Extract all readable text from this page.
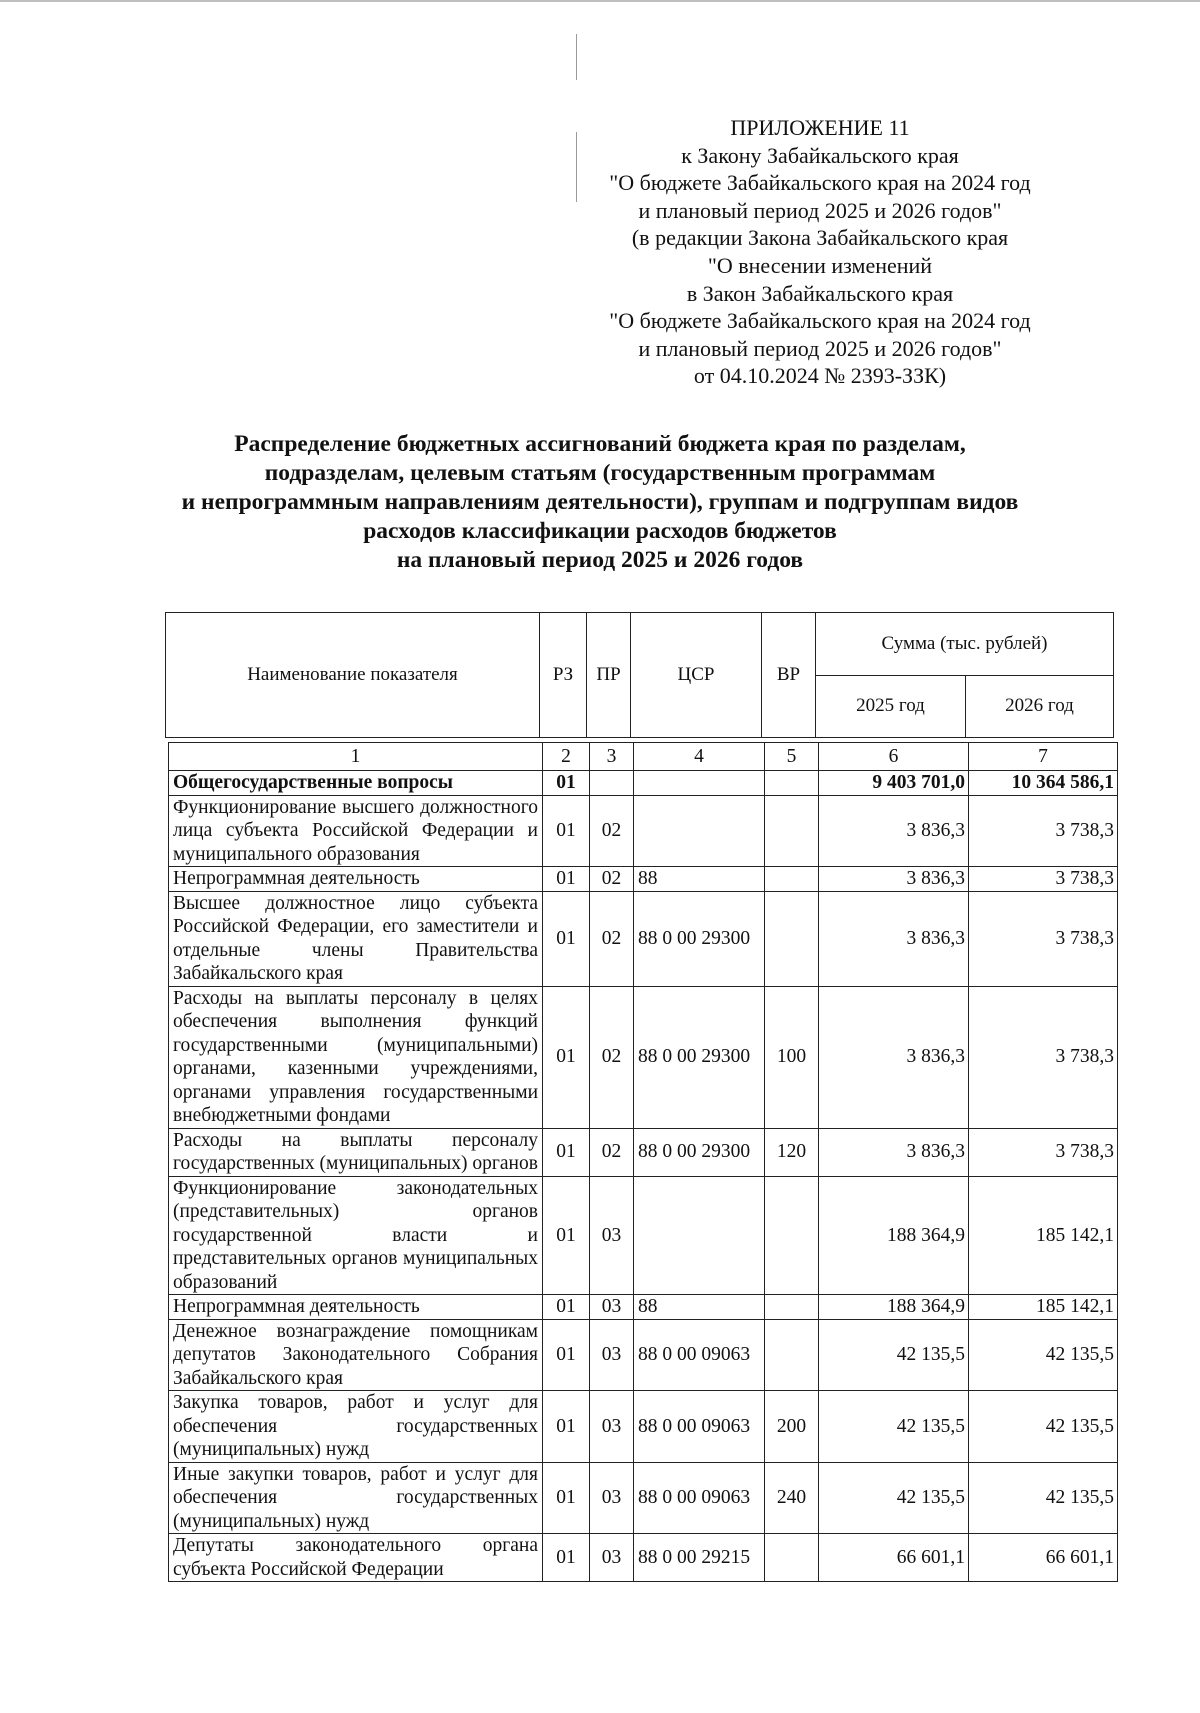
ПРИЛОЖЕНИЕ 11
к Закону Забайкальского края
"О бюджете Забайкальского края на 2024 год
и плановый период 2025 и 2026 годов"
(в редакции Закона Забайкальского края
"О внесении изменений
в Закон Забайкальского края
"О бюджете Забайкальского края на 2024 год
и плановый период 2025 и 2026 годов"
от 04.10.2024 № 2393-ЗЗК)
Распределение бюджетных ассигнований бюджета края по разделам,
подразделам, целевым статьям (государственным программам
и непрограммным направлениям деятельности), группам и подгруппам видов
расходов классификации расходов бюджетов
на плановый период 2025 и 2026 годов
Наименование показателя	РЗ	ПР	ЦСР	ВР	Сумма (тыс. рублей)	
					2025 год	2026 год
1	2	3	4	5	6	7
Общегосударственные вопросы	01				9 403 701,0	10 364 586,1
Функционирование высшего должностного лица субъекта Российской Федерации и муниципального образования	01	02			3 836,3	3 738,3
Непрограммная деятельность	01	02	88		3 836,3	3 738,3
Высшее должностное лицо субъекта Российской Федерации, его заместители и отдельные члены Правительства Забайкальского края	01	02	88 0 00 29300		3 836,3	3 738,3
Расходы на выплаты персоналу в целях обеспечения выполнения функций государственными (муниципальными) органами, казенными учреждениями, органами управления государственными внебюджетными фондами	01	02	88 0 00 29300	100	3 836,3	3 738,3
Расходы на выплаты персоналу государственных (муниципальных) органов	01	02	88 0 00 29300	120	3 836,3	3 738,3
Функционирование законодательных (представительных) органов государственной власти и представительных органов муниципальных образований	01	03			188 364,9	185 142,1
Непрограммная деятельность	01	03	88		188 364,9	185 142,1
Денежное вознаграждение помощникам депутатов Законодательного Собрания Забайкальского края	01	03	88 0 00 09063		42 135,5	42 135,5
Закупка товаров, работ и услуг для обеспечения государственных (муниципальных) нужд	01	03	88 0 00 09063	200	42 135,5	42 135,5
Иные закупки товаров, работ и услуг для обеспечения государственных (муниципальных) нужд	01	03	88 0 00 09063	240	42 135,5	42 135,5
Депутаты законодательного органа субъекта Российской Федерации	01	03	88 0 00 29215		66 601,1	66 601,1
